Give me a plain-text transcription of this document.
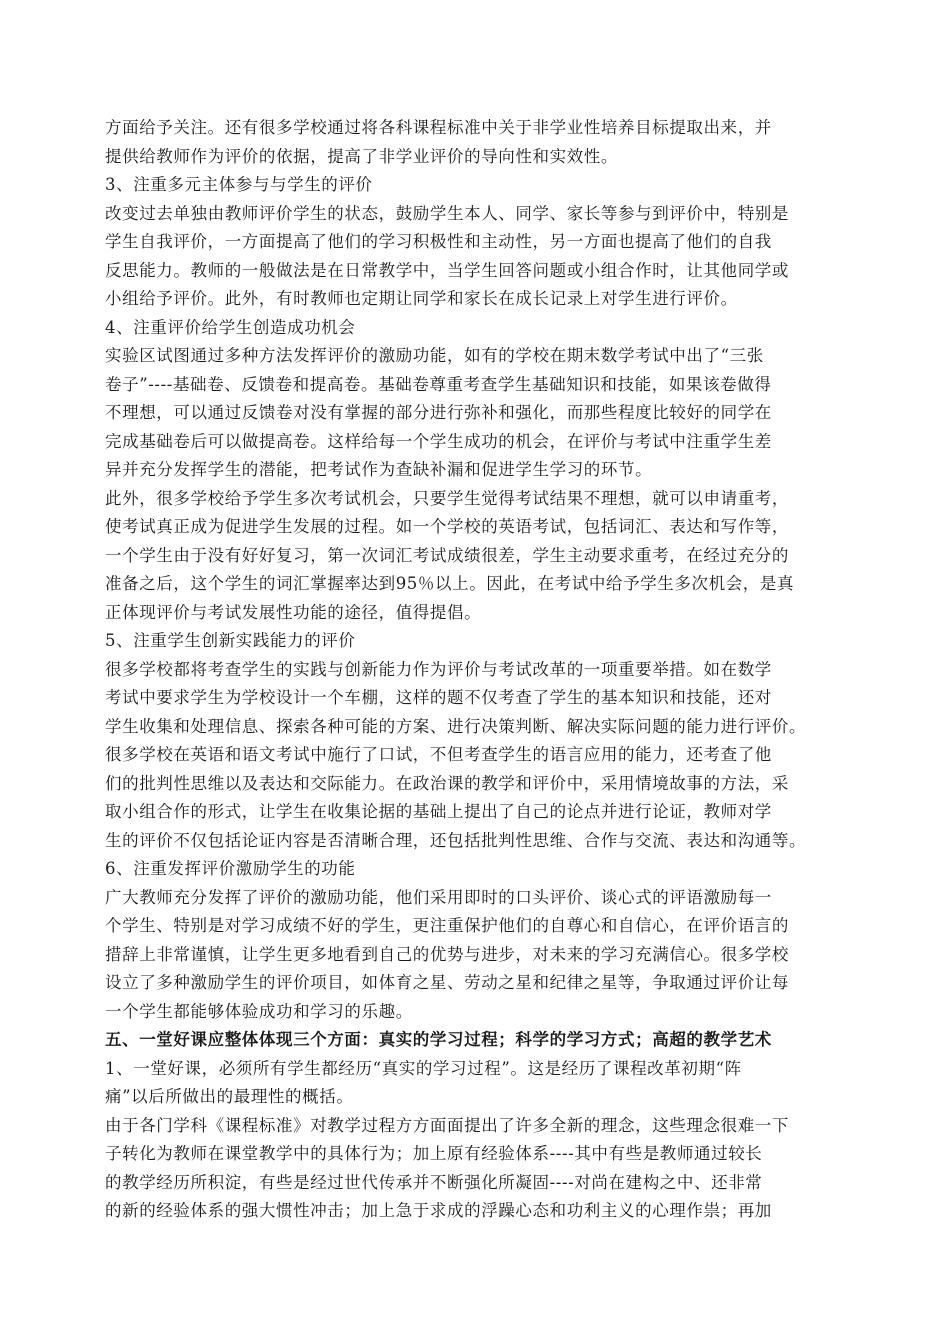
方面给予关注。还有很多学校通过将各科课程标准中关于非学业性培养目标提取出来，并
提供给教师作为评价的依据，提高了非学业评价的导向性和实效性。
3、注重多元主体参与与学生的评价
改变过去单独由教师评价学生的状态，鼓励学生本人、同学、家长等参与到评价中，特别是
学生自我评价，一方面提高了他们的学习积极性和主动性，另一方面也提高了他们的自我
反思能力。教师的一般做法是在日常教学中，当学生回答问题或小组合作时，让其他同学或
小组给予评价。此外，有时教师也定期让同学和家长在成长记录上对学生进行评价。
4、注重评价给学生创造成功机会
实验区试图通过多种方法发挥评价的激励功能，如有的学校在期末数学考试中出了“三张
卷子”----基础卷、反馈卷和提高卷。基础卷尊重考查学生基础知识和技能，如果该卷做得
不理想，可以通过反馈卷对没有掌握的部分进行弥补和强化，而那些程度比较好的同学在
完成基础卷后可以做提高卷。这样给每一个学生成功的机会，在评价与考试中注重学生差
异并充分发挥学生的潜能，把考试作为查缺补漏和促进学生学习的环节。
此外，很多学校给予学生多次考试机会，只要学生觉得考试结果不理想，就可以申请重考，
使考试真正成为促进学生发展的过程。如一个学校的英语考试，包括词汇、表达和写作等，
一个学生由于没有好好复习，第一次词汇考试成绩很差，学生主动要求重考，在经过充分的
准备之后，这个学生的词汇掌握率达到95％以上。因此，在考试中给予学生多次机会，是真
正体现评价与考试发展性功能的途径，值得提倡。
5、注重学生创新实践能力的评价
很多学校都将考查学生的实践与创新能力作为评价与考试改革的一项重要举措。如在数学
考试中要求学生为学校设计一个车棚，这样的题不仅考查了学生的基本知识和技能，还对
学生收集和处理信息、探索各种可能的方案、进行决策判断、解决实际问题的能力进行评价。
很多学校在英语和语文考试中施行了口试，不但考查学生的语言应用的能力，还考查了他
们的批判性思维以及表达和交际能力。在政治课的教学和评价中，采用情境故事的方法，采
取小组合作的形式，让学生在收集论据的基础上提出了自己的论点并进行论证，教师对学
生的评价不仅包括论证内容是否清晰合理，还包括批判性思维、合作与交流、表达和沟通等。
6、注重发挥评价激励学生的功能
广大教师充分发挥了评价的激励功能，他们采用即时的口头评价、谈心式的评语激励每一
个学生、特别是对学习成绩不好的学生，更注重保护他们的自尊心和自信心，在评价语言的
措辞上非常谨慎，让学生更多地看到自己的优势与进步，对未来的学习充满信心。很多学校
设立了多种激励学生的评价项目，如体育之星、劳动之星和纪律之星等，争取通过评价让每
一个学生都能够体验成功和学习的乐趣。
五、一堂好课应整体体现三个方面：真实的学习过程；科学的学习方式；高超的教学艺术
1、一堂好课，必须所有学生都经历“真实的学习过程”。这是经历了课程改革初期“阵
痛”以后所做出的最理性的概括。
由于各门学科《课程标准》对教学过程方方面面提出了许多全新的理念，这些理念很难一下
子转化为教师在课堂教学中的具体行为；加上原有经验体系----其中有些是教师通过较长
的教学经历所积淀，有些是经过世代传承并不断强化所凝固----对尚在建构之中、还非常
的新的经验体系的强大惯性冲击；加上急于求成的浮躁心态和功利主义的心理作祟；再加
